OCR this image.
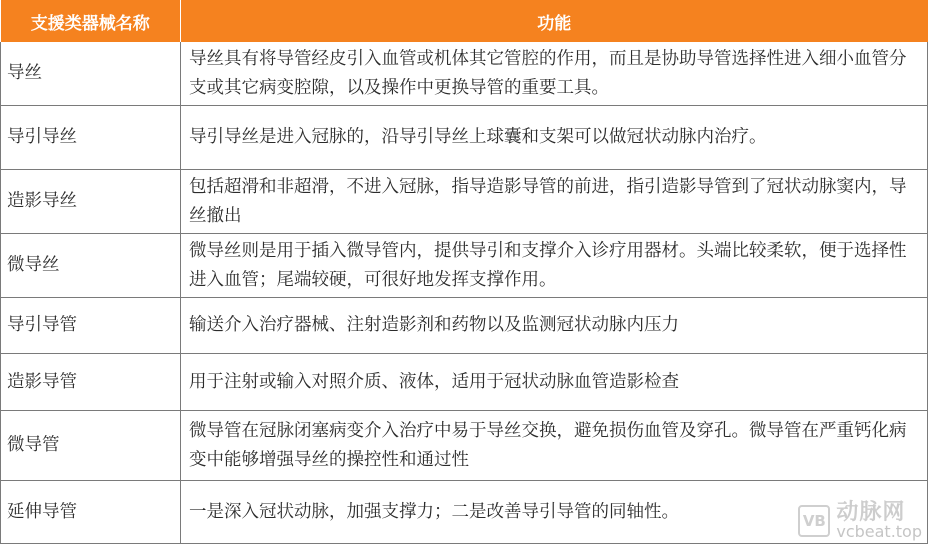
支援类器械名称	功能
导丝	导丝具有将导管经皮引入血管或机体其它管腔的作用，而且是协助导管选择性进入细小血管分支或其它病变腔隙，以及操作中更换导管的重要工具。
导引导丝	导引导丝是进入冠脉的，沿导引导丝上球囊和支架可以做冠状动脉内治疗。
造影导丝	包括超滑和非超滑，不进入冠脉，指导造影导管的前进，指引造影导管到了冠状动脉窦内，导丝撤出
微导丝	微导丝则是用于插入微导管内，提供导引和支撑介入诊疗用器材。头端比较柔软，便于选择性进入血管；尾端较硬，可很好地发挥支撑作用。
导引导管	输送介入治疗器械、注射造影剂和药物以及监测冠状动脉内压力
造影导管	用于注射或输入对照介质、液体，适用于冠状动脉血管造影检查
微导管	微导管在冠脉闭塞病变介入治疗中易于导丝交换，避免损伤血管及穿孔。微导管在严重钙化病变中能够增强导丝的操控性和通过性
延伸导管	一是深入冠状动脉，加强支撑力；二是改善导引导管的同轴性。	VB 动脉网
vcbeat.top
